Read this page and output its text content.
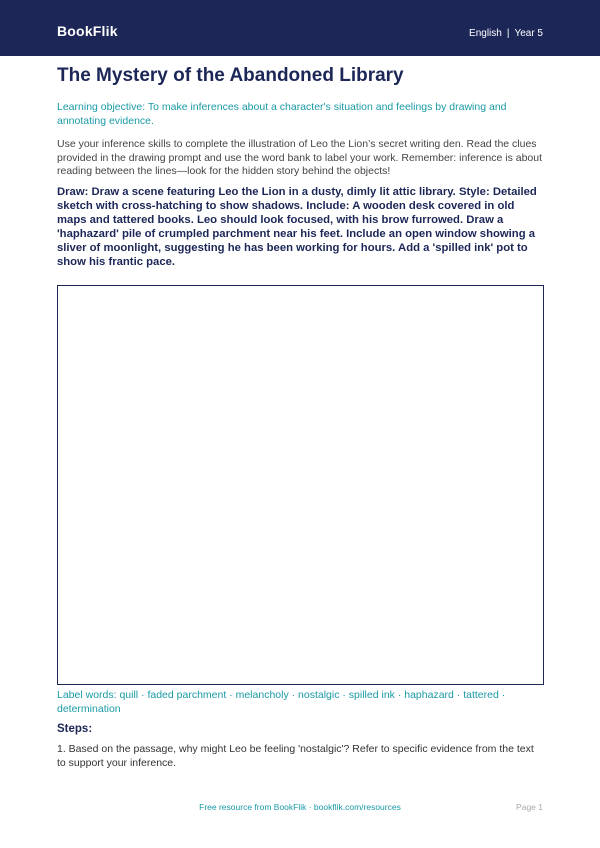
BookFlik	English | Year 5
The Mystery of the Abandoned Library
Learning objective: To make inferences about a character's situation and feelings by drawing and annotating evidence.
Use your inference skills to complete the illustration of Leo the Lion’s secret writing den. Read the clues provided in the drawing prompt and use the word bank to label your work. Remember: inference is about reading between the lines—look for the hidden story behind the objects!
Draw: Draw a scene featuring Leo the Lion in a dusty, dimly lit attic library. Style: Detailed sketch with cross-hatching to show shadows. Include: A wooden desk covered in old maps and tattered books. Leo should look focused, with his brow furrowed. Draw a 'haphazard' pile of crumpled parchment near his feet. Include an open window showing a sliver of moonlight, suggesting he has been working for hours. Add a 'spilled ink' pot to show his frantic pace.
Label words: quill · faded parchment · melancholy · nostalgic · spilled ink · haphazard · tattered · determination
Steps:
1. Based on the passage, why might Leo be feeling 'nostalgic'? Refer to specific evidence from the text to support your inference.
Free resource from BookFlik · bookflik.com/resources	Page 1
